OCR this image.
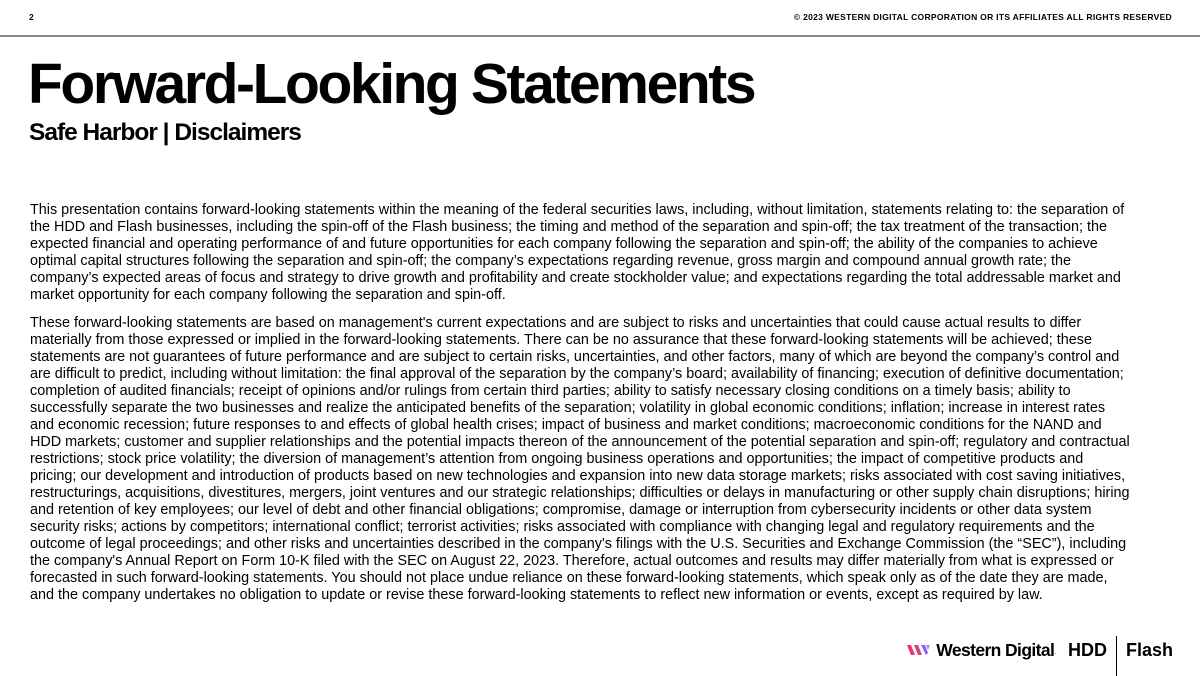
2	© 2023 WESTERN DIGITAL CORPORATION OR ITS AFFILIATES ALL RIGHTS RESERVED
Forward-Looking Statements
Safe Harbor | Disclaimers

This presentation contains forward-looking statements within the meaning of the federal securities laws, including, without limitation, statements relating to: the separation of
the HDD and Flash businesses, including the spin-off of the Flash business; the timing and method of the separation and spin-off; the tax treatment of the transaction; the
expected financial and operating performance of and future opportunities for each company following the separation and spin-off; the ability of the companies to achieve
optimal capital structures following the separation and spin-off; the company’s expectations regarding revenue, gross margin and compound annual growth rate; the
company’s expected areas of focus and strategy to drive growth and profitability and create stockholder value; and expectations regarding the total addressable market and
market opportunity for each company following the separation and spin-off.

These forward-looking statements are based on management's current expectations and are subject to risks and uncertainties that could cause actual results to differ
materially from those expressed or implied in the forward-looking statements. There can be no assurance that these forward-looking statements will be achieved; these
statements are not guarantees of future performance and are subject to certain risks, uncertainties, and other factors, many of which are beyond the company’s control and
are difficult to predict, including without limitation: the final approval of the separation by the company’s board; availability of financing; execution of definitive documentation;
completion of audited financials; receipt of opinions and/or rulings from certain third parties; ability to satisfy necessary closing conditions on a timely basis; ability to
successfully separate the two businesses and realize the anticipated benefits of the separation; volatility in global economic conditions; inflation; increase in interest rates
and economic recession; future responses to and effects of global health crises; impact of business and market conditions; macroeconomic conditions for the NAND and
HDD markets; customer and supplier relationships and the potential impacts thereon of the announcement of the potential separation and spin-off; regulatory and contractual
restrictions; stock price volatility; the diversion of management’s attention from ongoing business operations and opportunities; the impact of competitive products and
pricing; our development and introduction of products based on new technologies and expansion into new data storage markets; risks associated with cost saving initiatives,
restructurings, acquisitions, divestitures, mergers, joint ventures and our strategic relationships; difficulties or delays in manufacturing or other supply chain disruptions; hiring
and retention of key employees; our level of debt and other financial obligations; compromise, damage or interruption from cybersecurity incidents or other data system
security risks; actions by competitors; international conflict; terrorist activities; risks associated with compliance with changing legal and regulatory requirements and the
outcome of legal proceedings; and other risks and uncertainties described in the company's filings with the U.S. Securities and Exchange Commission (the “SEC”), including
the company's Annual Report on Form 10-K filed with the SEC on August 22, 2023. Therefore, actual outcomes and results may differ materially from what is expressed or
forecasted in such forward-looking statements. You should not place undue reliance on these forward-looking statements, which speak only as of the date they are made,
and the company undertakes no obligation to update or revise these forward-looking statements to reflect new information or events, except as required by law.

Western Digital . HDD Flash
